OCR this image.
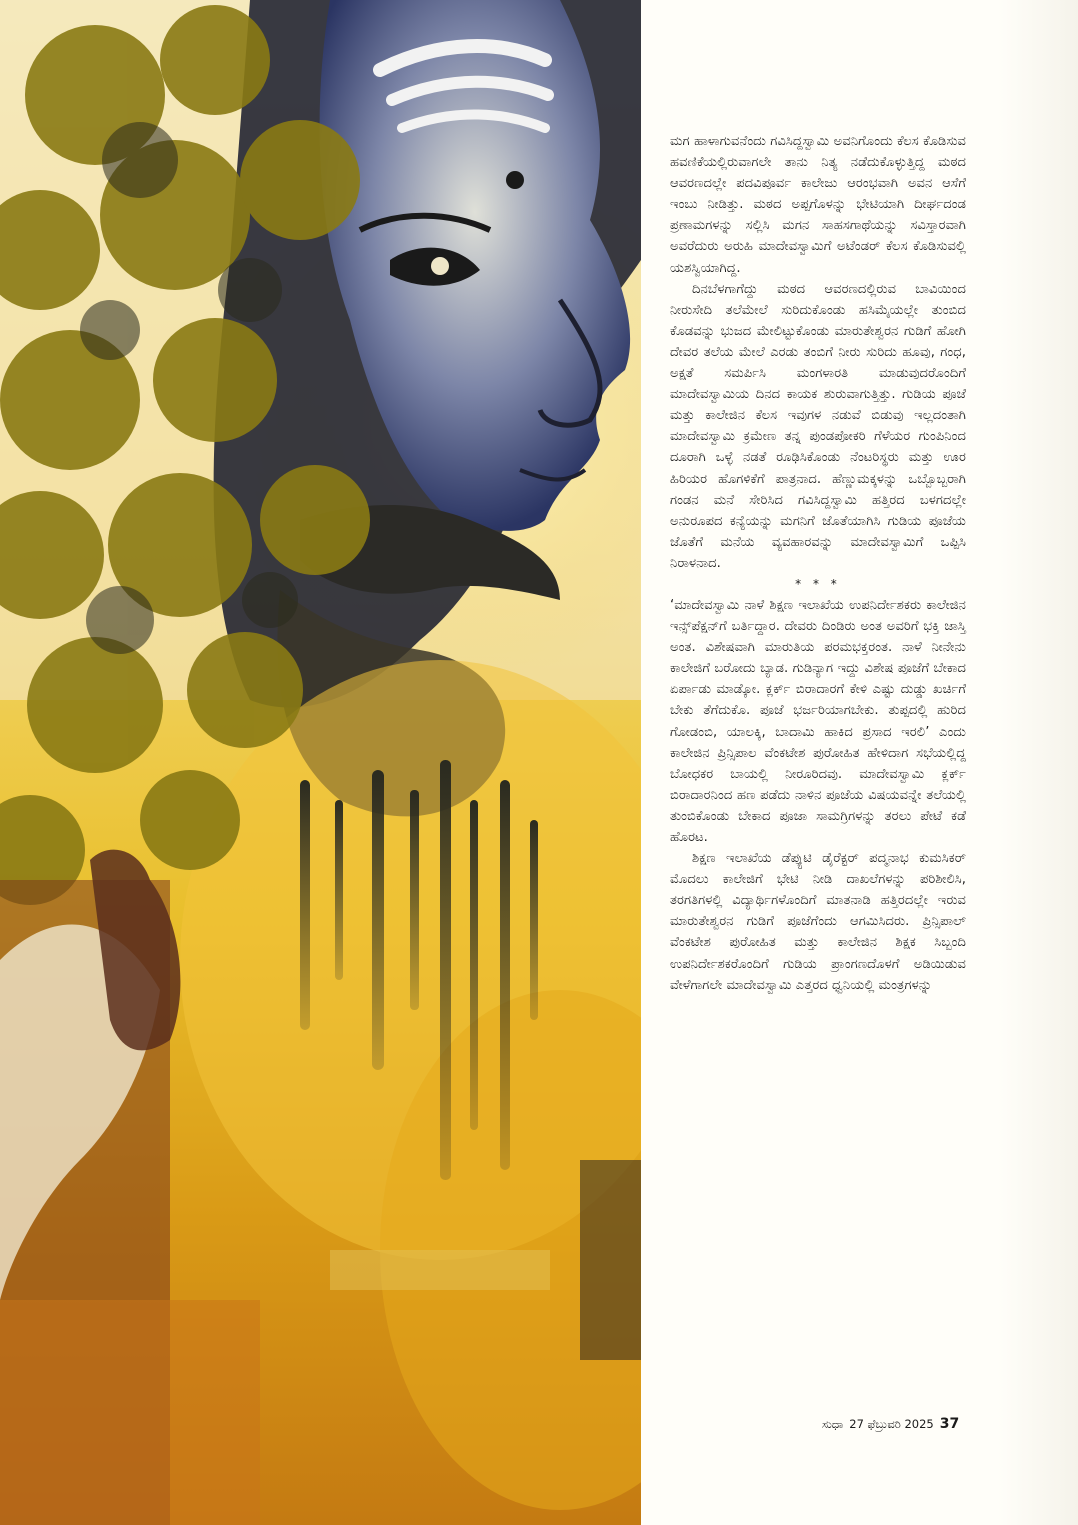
ಮಗ ಹಾಳಾಗುವನೆಂದು ಗವಿಸಿದ್ದಸ್ವಾಮಿ ಅವನಿಗೊಂದು ಕೆಲಸ ಕೊಡಿಸುವ ಹವಣಿಕೆಯಲ್ಲಿರುವಾಗಲೇ ತಾನು ನಿತ್ಯ ನಡೆದುಕೊಳ್ಳುತ್ತಿದ್ದ ಮಠದ ಆವರಣದಲ್ಲೇ ಪದವಿಪೂರ್ವ ಕಾಲೇಜು ಆರಂಭವಾಗಿ ಅವನ ಆಸೆಗೆ ಇಂಬು ನೀಡಿತ್ತು. ಮಠದ ಅಪ್ಪಗೊಳನ್ನು ಭೇಟಿಯಾಗಿ ದೀರ್ಘದಂಡ ಪ್ರಣಾಮಗಳನ್ನು ಸಲ್ಲಿಸಿ ಮಗನ ಸಾಹಸಗಾಥೆಯನ್ನು ಸವಿಸ್ತಾರವಾಗಿ ಅವರೆದುರು ಅರುಹಿ ಮಾದೇವಸ್ವಾಮಿಗೆ ಅಟೆಂಡರ್ ಕೆಲಸ ಕೊಡಿಸುವಲ್ಲಿ ಯಶಸ್ವಿಯಾಗಿದ್ದ.

ದಿನಬೆಳಗಾಗೆದ್ದು ಮಠದ ಆವರಣದಲ್ಲಿರುವ ಬಾವಿಯಿಂದ ನೀರುಸೇದಿ ತಲೆಮೇಲೆ ಸುರಿದುಕೊಂಡು ಹಸಿಮೈಯಲ್ಲೇ ತುಂಬಿದ ಕೊಡವನ್ನು ಭುಜದ ಮೇಲಿಟ್ಟುಕೊಂಡು ಮಾರುತೇಶ್ವರನ ಗುಡಿಗೆ ಹೋಗಿ ದೇವರ ತಲೆಯ ಮೇಲೆ ಎರಡು ತಂಬಿಗೆ ನೀರು ಸುರಿದು ಹೂವು, ಗಂಧ, ಅಕ್ಷತೆ ಸಮರ್ಪಿಸಿ ಮಂಗಳಾರತಿ ಮಾಡುವುದರೊಂದಿಗೆ ಮಾದೇವಸ್ವಾಮಿಯ ದಿನದ ಕಾಯಕ ಶುರುವಾಗುತ್ತಿತ್ತು. ಗುಡಿಯ ಪೂಜೆ ಮತ್ತು ಕಾಲೇಜಿನ ಕೆಲಸ ಇವುಗಳ ನಡುವೆ ಬಿಡುವು ಇಲ್ಲದಂತಾಗಿ ಮಾದೇವಸ್ವಾಮಿ ಕ್ರಮೇಣ ತನ್ನ ಪುಂಡಪೋಕರಿ ಗೆಳೆಯರ ಗುಂಪಿನಿಂದ ದೂರಾಗಿ ಒಳ್ಳೆ ನಡತೆ ರೂಢಿಸಿಕೊಂಡು ನೆಂಟರಿಸ್ಥರು ಮತ್ತು ಊರ ಹಿರಿಯರ ಹೊಗಳಿಕೆಗೆ ಪಾತ್ರನಾದ. ಹೆಣ್ಣುಮಕ್ಕಳನ್ನು ಒಬ್ಬೊಬ್ಬರಾಗಿ ಗಂಡನ ಮನೆ ಸೇರಿಸಿದ ಗವಿಸಿದ್ದಸ್ವಾಮಿ ಹತ್ತಿರದ ಬಳಗದಲ್ಲೇ ಅನುರೂಪದ ಕನ್ಯೆಯನ್ನು ಮಗನಿಗೆ ಜೊತೆಯಾಗಿಸಿ ಗುಡಿಯ ಪೂಜೆಯ ಜೊತೆಗೆ ಮನೆಯ ವ್ಯವಹಾರವನ್ನು ಮಾದೇವಸ್ವಾಮಿಗೆ ಒಪ್ಪಿಸಿ ನಿರಾಳನಾದ.

* * *

‘ಮಾದೇವಸ್ವಾಮಿ ನಾಳೆ ಶಿಕ್ಷಣ ಇಲಾಖೆಯ ಉಪನಿರ್ದೇಶಕರು ಕಾಲೇಜಿನ ಇನ್ಸ್‌ಪೆಕ್ಷನ್‌ಗೆ ಬರ್ತಿದ್ದಾರ. ದೇವರು ದಿಂಡಿರು ಅಂತ ಅವರಿಗೆ ಭಕ್ತಿ ಜಾಸ್ತಿ ಅಂತ. ವಿಶೇಷವಾಗಿ ಮಾರುತಿಯ ಪರಮಭಕ್ತರಂತ. ನಾಳೆ ನೀನೇನು ಕಾಲೇಜಿಗೆ ಬರೋದು ಬ್ಯಾಡ. ಗುಡಿನ್ಯಾಗ ಇದ್ದು ವಿಶೇಷ ಪೂಜೆಗೆ ಬೇಕಾದ ಏರ್ಪಾಡು ಮಾಡ್ಕೋ. ಕ್ಲರ್ಕ್ ಬಿರಾದಾರಗೆ ಕೇಳಿ ಎಷ್ಟು ದುಡ್ಡು ಖರ್ಚಿಗೆ ಬೇಕು ತೆಗೆದುಕೊ. ಪೂಜೆ ಭರ್ಜರಿಯಾಗಬೇಕು. ತುಪ್ಪದಲ್ಲಿ ಹುರಿದ ಗೋಡಂಬಿ, ಯಾಲಕ್ಕಿ, ಬಾದಾಮಿ ಹಾಕಿದ ಪ್ರಸಾದ ಇರಲಿ’ ಎಂದು ಕಾಲೇಜಿನ ಪ್ರಿನ್ಸಿಪಾಲ ವೆಂಕಟೇಶ ಪುರೋಹಿತ ಹೇಳಿದಾಗ ಸಭೆಯಲ್ಲಿದ್ದ ಬೋಧಕರ ಬಾಯಲ್ಲಿ ನೀರೂರಿದವು. ಮಾದೇವಸ್ವಾಮಿ ಕ್ಲರ್ಕ್ ಬಿರಾದಾರನಿಂದ ಹಣ ಪಡೆದು ನಾಳಿನ ಪೂಜೆಯ ವಿಷಯವನ್ನೇ ತಲೆಯಲ್ಲಿ ತುಂಬಿಕೊಂಡು ಬೇಕಾದ ಪೂಜಾ ಸಾಮಗ್ರಿಗಳನ್ನು ತರಲು ಪೇಟೆ ಕಡೆ ಹೊರಟ.

ಶಿಕ್ಷಣ ಇಲಾಖೆಯ ಡೆಪ್ಯುಟಿ ಡೈರೆಕ್ಟರ್ ಪದ್ಮನಾಭ ಕುಮಸಿಕರ್ ಮೊದಲು ಕಾಲೇಜಿಗೆ ಭೇಟಿ ನೀಡಿ ದಾಖಲೆಗಳನ್ನು ಪರಿಶೀಲಿಸಿ, ತರಗತಿಗಳಲ್ಲಿ ವಿದ್ಯಾರ್ಥಿಗಳೊಂದಿಗೆ ಮಾತನಾಡಿ ಹತ್ತಿರದಲ್ಲೇ ಇರುವ ಮಾರುತೇಶ್ವರನ ಗುಡಿಗೆ ಪೂಜೆಗೆಂದು ಆಗಮಿಸಿದರು. ಪ್ರಿನ್ಸಿಪಾಲ್ ವೆಂಕಟೇಶ ಪುರೋಹಿತ ಮತ್ತು ಕಾಲೇಜಿನ ಶಿಕ್ಷಕ ಸಿಬ್ಬಂದಿ ಉಪನಿರ್ದೇಶಕರೊಂದಿಗೆ ಗುಡಿಯ ಪ್ರಾಂಗಣದೊಳಗೆ ಅಡಿಯಿಡುವ ವೇಳೆಗಾಗಲೇ ಮಾದೇವಸ್ವಾಮಿ ಎತ್ತರದ ಧ್ವನಿಯಲ್ಲಿ ಮಂತ್ರಗಳನ್ನು

ಸುಧಾ 27 ಫೆಬ್ರುವರಿ 2025 37
